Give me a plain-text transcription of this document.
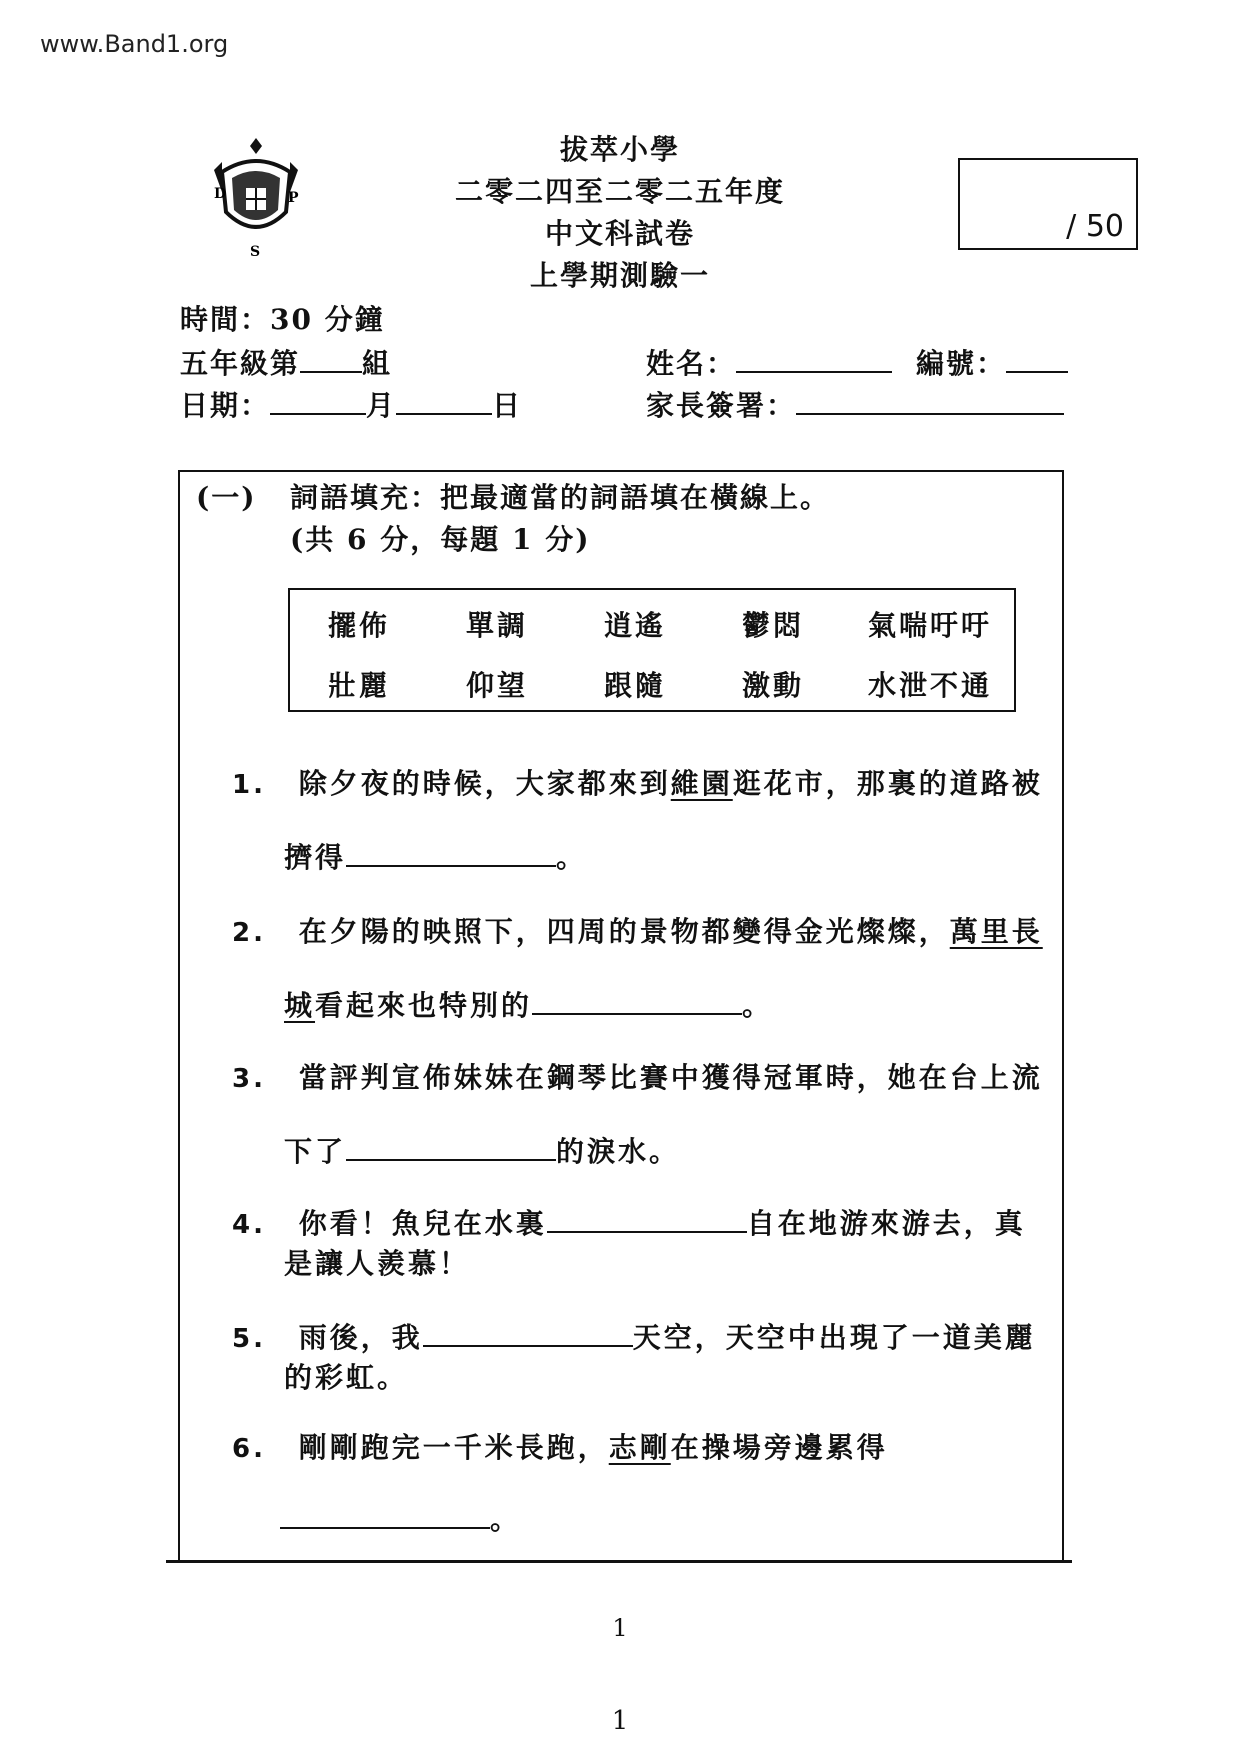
www.Band1.org
D	P
S
拔萃小學
二零二四至二零二五年度
中文科試卷
上學期測驗一
/ 50
時間：30 分鐘
五年級第 組	姓名：	編號：
日期：	月	日	家長簽署：
(一) 詞語填充：把最適當的詞語填在橫線上。
(共 6 分，每題 1 分)
擺佈	單調	逍遙	鬱悶 氣喘吁吁
壯麗	仰望	跟隨	激動 水泄不通
1. 除夕夜的時候，大家都來到維園逛花市，那裏的道路被
擠得	。
2. 在夕陽的映照下，四周的景物都變得金光燦燦，萬里長
城看起來也特別的	。
3. 當評判宣佈妹妹在鋼琴比賽中獲得冠軍時，她在台上流
下了	的淚水。
4. 你看！魚兒在水裏	自在地游來游去，真
是讓人羨慕！
5. 雨後，我	天空，天空中出現了一道美麗
的彩虹。
6. 剛剛跑完一千米長跑，志剛在操場旁邊累得
。
1
1
